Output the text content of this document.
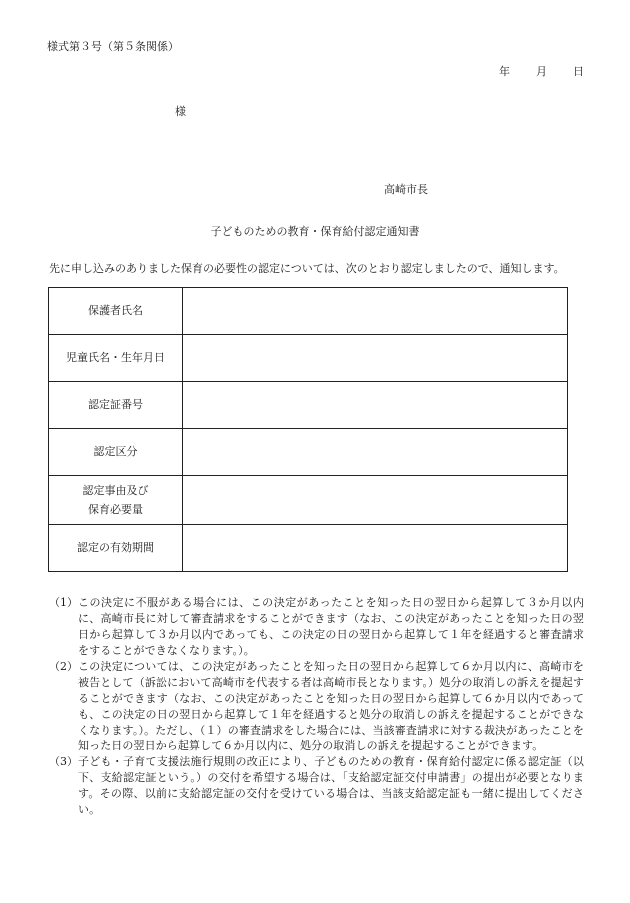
様式第３号（第５条関係）
年 月 日
様
高崎市長
子どものための教育・保育給付認定通知書
先に申し込みのありました保育の必要性の認定については、次のとおり認定しましたので、通知します。
保護者氏名	
児童氏名・生年月日	
認定証番号	
認定区分	
認定事由及び
保育必要量	
認定の有効期間	
（1） この決定に不服がある場合には、この決定があったことを知った日の翌日から起算して３か月以内に、高崎市長に対して審査請求をすることができます（なお、この決定があったことを知った日の翌日から起算して３か月以内であっても、この決定の日の翌日から起算して１年を経過すると審査請求をすることができなくなります。）。
（2） この決定については、この決定があったことを知った日の翌日から起算して６か月以内に、高崎市を被告として（訴訟において高崎市を代表する者は高崎市長となります。）処分の取消しの訴えを提起することができます（なお、この決定があったことを知った日の翌日から起算して６か月以内であっても、この決定の日の翌日から起算して１年を経過すると処分の取消しの訴えを提起することができなくなります。）。ただし、（１）の審査請求をした場合には、当該審査請求に対する裁決があったことを知った日の翌日から起算して６か月以内に、処分の取消しの訴えを提起することができます。
（3） 子ども・子育て支援法施行規則の改正により、子どものための教育・保育給付認定に係る認定証（以下、支給認定証という。）の交付を希望する場合は、「支給認定証交付申請書」の提出が必要となります。その際、以前に支給認定証の交付を受けている場合は、当該支給認定証も一緒に提出してください。
